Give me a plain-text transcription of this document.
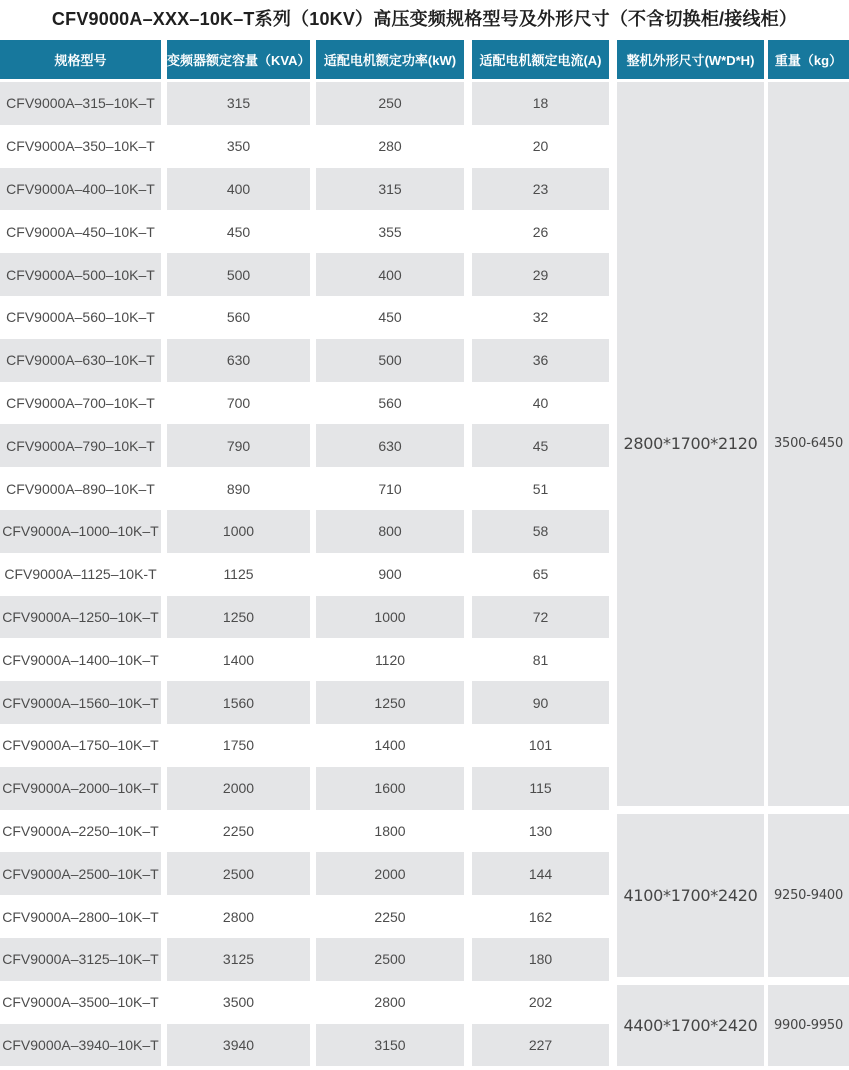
CFV9000A–XXX–10K–T系列（10KV）高压变频规格型号及外形尺寸（不含切换柜/接线柜）
规格型号	变频器额定容量（KVA）	适配电机额定功率(kW)	适配电机额定电流(A)	整机外形尺寸(W*D*H)	重量（kg）
CFV9000A–315–10K–T	315	250	18	2800*1700*2120	3500-6450
CFV9000A–350–10K–T	350	280	20		
CFV9000A–400–10K–T	400	315	23		
CFV9000A–450–10K–T	450	355	26		
CFV9000A–500–10K–T	500	400	29		
CFV9000A–560–10K–T	560	450	32		
CFV9000A–630–10K–T	630	500	36		
CFV9000A–700–10K–T	700	560	40		
CFV9000A–790–10K–T	790	630	45		
CFV9000A–890–10K–T	890	710	51		
CFV9000A–1000–10K–T	1000	800	58		
CFV9000A–1125–10K-T	1125	900	65		
CFV9000A–1250–10K–T	1250	1000	72		
CFV9000A–1400–10K–T	1400	1120	81		
CFV9000A–1560–10K–T	1560	1250	90		
CFV9000A–1750–10K–T	1750	1400	101		
CFV9000A–2000–10K–T	2000	1600	115		
CFV9000A–2250–10K–T	2250	1800	130	4100*1700*2420	9250-9400
CFV9000A–2500–10K–T	2500	2000	144		
CFV9000A–2800–10K–T	2800	2250	162		
CFV9000A–3125–10K–T	3125	2500	180		
CFV9000A–3500–10K–T	3500	2800	202	4400*1700*2420	9900-9950
CFV9000A–3940–10K–T	3940	3150	227		
